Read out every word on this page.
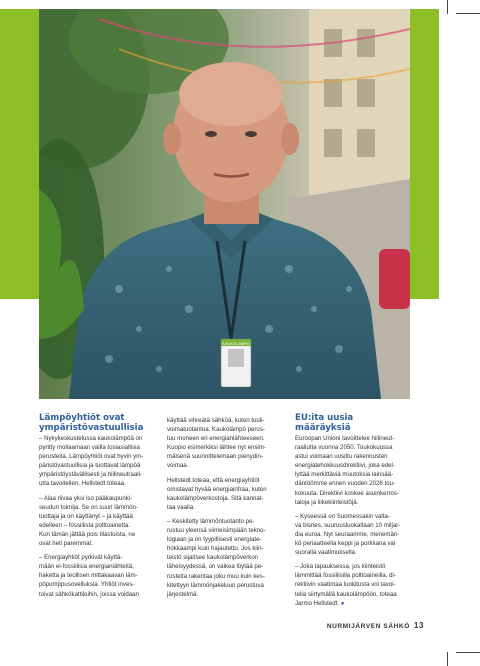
KAUKOLAMPO
Lämpöyhtiöt ovat
ympäristövastuullisia

– Nykykeskustelussa kaukolämpöä on

pyritty mollaamaan vailla tosiasiallisia

perusteita. Lämpöyhtiöt ovat hyvin ym-

päristövastuullisia ja tuottavat lämpöä

ympäristöystävällisesti ja hiilineutraali-

utta tavoitellen, Hellstedt toteaa.

– Alaa riivaa yksi iso pääkaupunki-

seudun toimija. Se on suuri lämmön-

tuottaja ja on käyttänyt – ja käyttää

edelleen – fossiilista polttoainetta.

Kun tämän jättää pois tilastoista, ne

ovat heti paremmat.

– Energiayhtiöt pyrkivät käyttä-

mään ei-fossiilisia energianlähteitä,

haketta ja teollisen mittakaavan läm-

pöpumppusovelluksia. Yhtiöt inves-

toivat sähkökattiloihin, joissa voidaan

käyttää vihreätä sähköä, kuten tuuli-

voimatuotantoa. Kaukolämpö perus-

tuu moneen eri energianlähteeseen.

Kuopio esimerkiksi lähtee nyt ensim-

mäisenä suunnittelemaan pienydin-

voimaa.

Hellstedt toteaa, että energiayhtiöt

omistavat hyvää energiainfraa, kuten

kaukolämpöverkostoja. Sitä kannat-

taa vaalia.

– Keskitetty lämmöntuotanto pe-

rustuu yleensä viimeisimpään tekno-

logiaan ja on tyypillisesti energiate-

hokkaampi kuin hajautettu. Jos kiin-

teistö sijaitsee kaukolämpöverkon

läheisyydessä, on vaikea löytää pe-

rusteita rakentaa joku muu kuin kes-

kitettyyn lämmönjakeluun perustuva

järjestelmä.

EU:ita uusia määräyksiä

Euroopan Unioni tavoittelee hiilineut-

raaliutta vuonna 2050. Toukokuussa

astui voimaan uusittu rakennusten

energiatehokkuusdirektiivi, joka edel-

lyttää merkittäviä muutoksia lainsää-

däntöömme ennen vuoden 2026 tou-

kokuuta. Direktiivi koskee asuinkerros-

taloja ja liikekiinteistöjä.

– Kyseessä on Suomessakin valta-

va bisnes, suuruusluokaltaan 10 miljar-

dia euroa. Nyt seuraamme, menemän-

kö periaatteella keppi ja porkkana vai

suoralla vaatimuksella.

– Joka tapauksessa, jos kiinteistö

lämmittää fossiilisilla polttoaineilla, di-

rektiivin vaatimaa luokitusta voi tavoi-

tella siirtymällä kaukolämpöön, toteaa

Jarmo Hellstedt. ●

NURMIJÄRVEN SÄHKÖ 13
